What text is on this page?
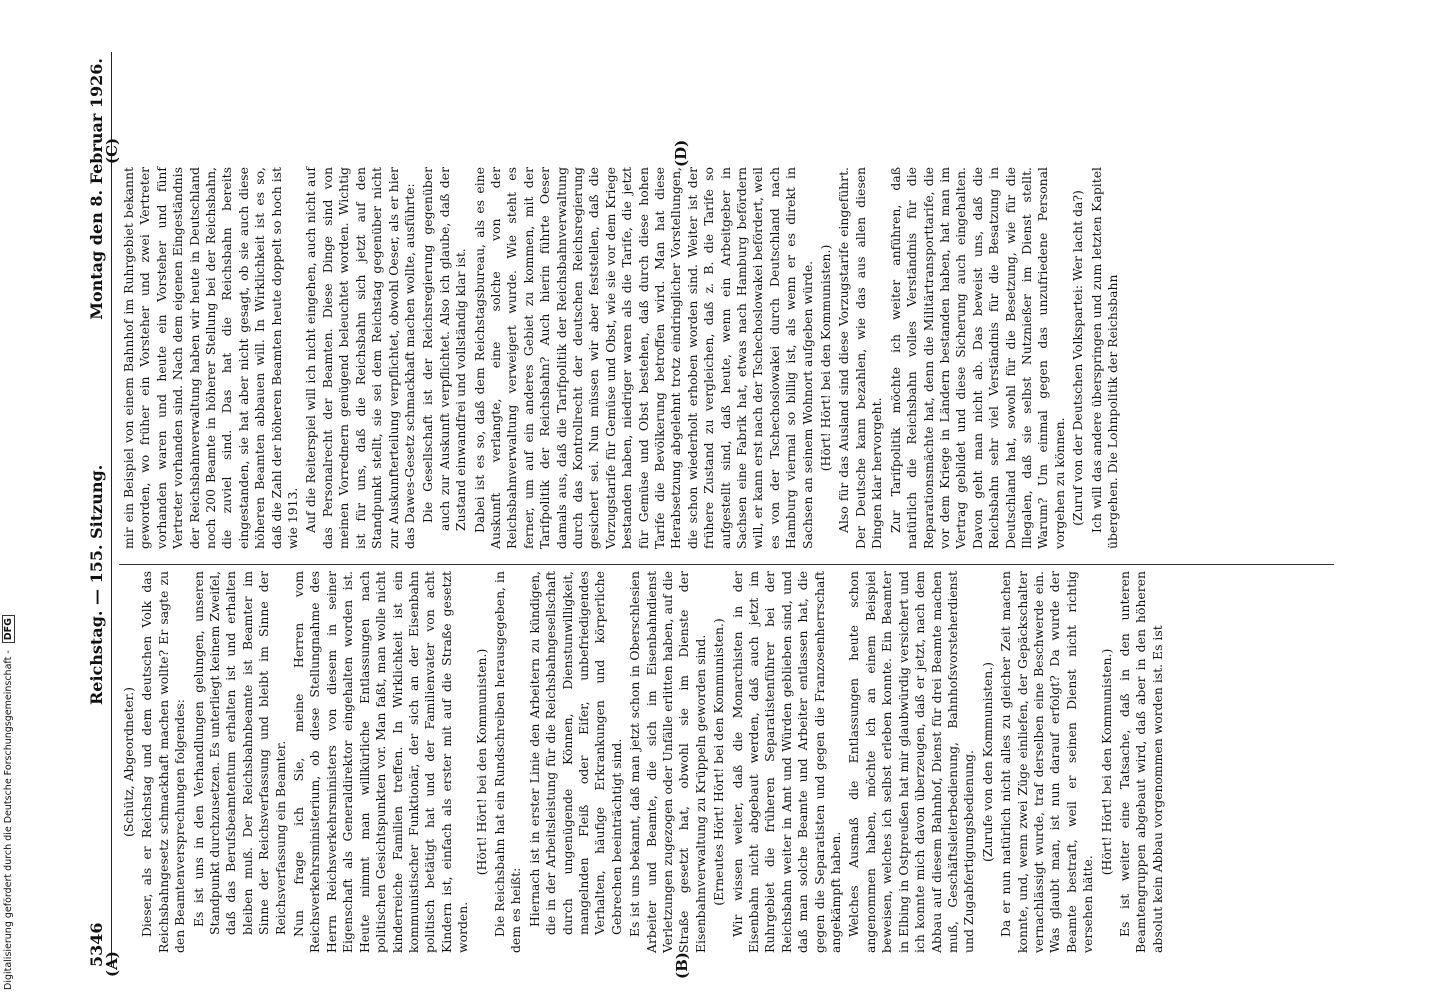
5346
Reichstag. — 155. Sitzung.
Montag den 8. Februar 1926.

(Schütz, Abgeordneter.) Dieser, als er Reichstag und dem deutschen Volk das Reichsbahngesetz schmackhaft machen wollte? Er sagte zu den Beamtenversprechungen folgendes: Es ist uns in den Verhandlungen gelungen, unseren Standpunkt durchzusetzen. Es unterliegt keinem Zweifel, daß das Berufsbeamtentum erhalten ist und erhalten bleiben muß. Der Reichsbahnbeamte ist Beamter im Sinne der Reichsverfassung und bleibt im Sinne der Reichsverfassung ein Beamter. Nun frage ich Sie, meine Herren vom Reichsverkehrsministerium, ob diese Stellungnahme des Herrn Reichsverkehrsministers von diesem in seiner Eigenschaft als Generaldirektor eingehalten worden ist. Heute nimmt man willkürliche Entlassungen nach politischen Gesichtspunkten vor. Man faßt, man wolle nicht kinderreiche Familien treffen. In Wirklichkeit ist ein kommunistischer Funktionär, der sich an der Eisenbahn politisch betätigt hat und der Familienvater von acht Kindern ist, einfach als erster mit auf die Straße gesetzt worden.

(Hört! Hört! bei den Kommunisten.) Die Reichsbahn hat ein Rundschreiben herausgegeben, in dem es heißt: Hiernach ist in erster Linie den Arbeitern zu kündigen, die in der Arbeitsleistung für die Reichsbahngesellschaft durch ungenügende Können, Dienstunwilligkeit, mangelnden Fleiß oder Eifer, unbefriedigendes Verhalten, häufige Erkrankungen und körperliche Gebrechen beeinträchtigt sind. Es ist uns bekannt, daß man jetzt schon in Oberschlesien Arbeiter und Beamte, die sich im Eisenbahndienst Verletzungen zugezogen oder Unfälle erlitten haben, auf die Straße gesetzt hat, obwohl sie im Dienste der Eisenbahnverwaltung zu Krüppeln geworden sind. (Erneutes Hört! Hört! bei den Kommunisten.) Wir wissen weiter, daß die Monarchisten in der Eisenbahn nicht abgebaut werden, daß auch jetzt im Ruhrgebiet die früheren Separatistenführer bei der Reichsbahn weiter in Amt und Würden geblieben sind, und daß man solche Beamte und Arbeiter entlassen hat, die gegen die Separatisten und gegen die Franzosenherrschaft angekämpft haben. Welches Ausmaß die Entlassungen heute schon angenommen haben, möchte ich an einem Beispiel beweisen, welches ich selbst erleben konnte. Ein Beamter in Elbing in Ostpreußen hat mir glaubwürdig versichert und ich konnte mich davon überzeugen, daß er jetzt, nach dem Abbau auf diesem Bahnhof, Dienst für drei Beamte machen muß, Geschäftsleiterbedienung, Bahnhofsvorsteherdienst und Zugabfertigungsbedienung. (Zurufe von den Kommunisten.) Da er nun natürlich nicht alles zu gleicher Zeit machen konnte, und, wenn zwei Züge einliefen, der Gepäckschalter vernachlässigt wurde, traf derselben eine Beschwerde ein. Was glaubt man, ist nun darauf erfolgt? Da wurde der Beamte bestraft, weil er seinen Dienst nicht richtig versehen hätte.

(Hört! Hört! bei den Kommunisten.) Es ist weiter eine Tatsache, daß in den unteren Beamtengruppen abgebaut wird, daß aber in den höheren absolut kein Abbau vorgenommen worden ist. Es ist

mir ein Beispiel von einem Bahnhof im Ruhrgebiet bekannt geworden, wo früher ein Vorsteher und zwei Vertreter vorhanden waren und heute ein Vorsteher und fünf Vertreter vorhanden sind. Nach dem eigenen Eingeständnis der Reichsbahnverwaltung haben wir heute in Deutschland noch 200 Beamte in höherer Stellung bei der Reichsbahn, die zuviel sind. Das hat die Reichsbahn bereits eingestanden, sie hat aber nicht gesagt, ob sie auch diese höheren Beamten abbauen will. In Wirklichkeit ist es so, daß die Zahl der höheren Beamten heute doppelt so hoch ist wie 1913. Auf die Reiterspiel will ich nicht eingehen, auch nicht auf das Personalrecht der Beamten. Diese Dinge sind von meinen Vorrednern genügend beleuchtet worden. Wichtig ist für uns, daß die Reichsbahn sich jetzt auf den Standpunkt stellt, sie sei dem Reichstag gegenüber nicht zur Auskunfterteilung verpflichtet, obwohl Oeser, als er hier das Dawes-Gesetz schmackhaft machen wollte, ausführte: Die Gesellschaft ist der Reichsregierung gegenüber auch zur Auskunft verpflichtet. Also ich glaube, daß der Zustand einwandfrei und vollständig klar ist. Dabei ist es so, daß dem Reichstagsbureau, als es eine Auskunft verlangte, eine solche von der Reichsbahnverwaltung verweigert wurde. Wie steht es ferner, um auf ein anderes Gebiet zu kommen, mit der Tarifpolitik der Reichsbahn? Auch hierin führte Oeser damals aus, daß die Tarifpolitik der Reichsbahnverwaltung durch das Kontrollrecht der deutschen Reichsregierung gesichert sei. Nun müssen wir aber feststellen, daß die Vorzugstarife für Gemüse und Obst, wie sie vor dem Kriege bestanden haben, niedriger waren als die Tarife, die jetzt für Gemüse und Obst bestehen, daß durch diese hohen Tarife die Bevölkerung betroffen wird. Man hat diese Herabsetzung abgelehnt trotz eindringlicher Vorstellungen, die schon wiederholt erhoben worden sind. Weiter ist der frühere Zustand zu vergleichen, daß z. B. die Tarife so aufgestellt sind, daß heute, wenn ein Arbeitgeber in Sachsen eine Fabrik hat, etwas nach Hamburg befördern will, er kann erst nach der Tschechoslowakei befördert, weil es von der Tschechoslowakei durch Deutschland nach Hamburg viermal so billig ist, als wenn er es direkt in Sachsen an seinem Wohnort aufgeben würde. (Hört! Hört! bei den Kommunisten.) Also für das Ausland sind diese Vorzugstarife eingeführt. Der Deutsche kann bezahlen, wie das aus allen diesen Dingen klar hervorgeht. Zur Tarifpolitik möchte ich weiter anführen, daß natürlich die Reichsbahn volles Verständnis für die Reparationsmächte hat, denn die Militärtransporttarife, die vor dem Kriege in Ländern bestanden haben, hat man im Vertrag gebildet und diese Sicherung auch eingehalten. Davon geht man nicht ab. Das beweist uns, daß die Reichsbahn sehr viel Verständnis für die Besatzung in Deutschland hat, sowohl für die Besetzung, wie für die Illegalen, daß sie selbst Nutznießer im Dienst stellt. Warum? Um einmal gegen das unzufriedene Personal vorgehen zu können. (Zuruf von der Deutschen Volkspartei: Wer lacht da?) Ich will das andere überspringen und zum letzten Kapitel übergehen. Die Lohnpolitik der Reichsbahn

(A)	(B)
(C)	(D)
Digitalisierung gefördert durch die Deutsche Forschungsgemeinschaft - DFG
